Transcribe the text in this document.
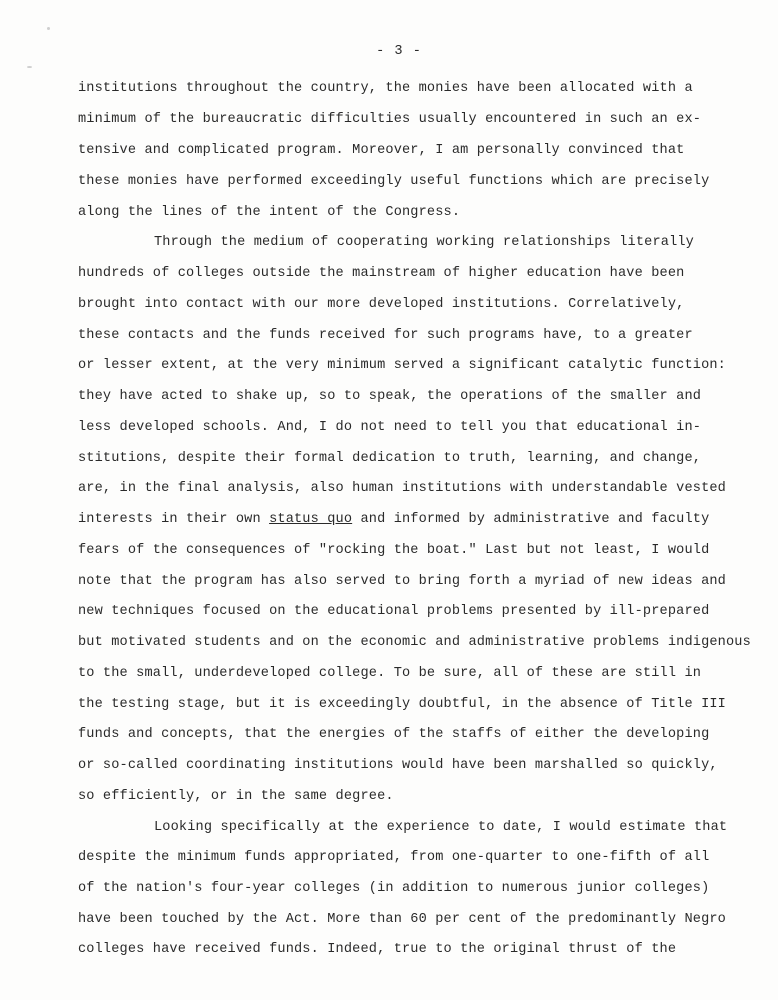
- 3 -
institutions throughout the country, the monies have been allocated with a
minimum of the bureaucratic difficulties usually encountered in such an ex-
tensive and complicated program. Moreover, I am personally convinced that
these monies have performed exceedingly useful functions which are precisely
along the lines of the intent of the Congress.
Through the medium of cooperating working relationships literally
hundreds of colleges outside the mainstream of higher education have been
brought into contact with our more developed institutions. Correlatively,
these contacts and the funds received for such programs have, to a greater
or lesser extent, at the very minimum served a significant catalytic function:
they have acted to shake up, so to speak, the operations of the smaller and
less developed schools. And, I do not need to tell you that educational in-
stitutions, despite their formal dedication to truth, learning, and change,
are, in the final analysis, also human institutions with understandable vested
interests in their own status quo and informed by administrative and faculty
fears of the consequences of "rocking the boat." Last but not least, I would
note that the program has also served to bring forth a myriad of new ideas and
new techniques focused on the educational problems presented by ill-prepared
but motivated students and on the economic and administrative problems indigenous
to the small, underdeveloped college. To be sure, all of these are still in
the testing stage, but it is exceedingly doubtful, in the absence of Title III
funds and concepts, that the energies of the staffs of either the developing
or so-called coordinating institutions would have been marshalled so quickly,
so efficiently, or in the same degree.
Looking specifically at the experience to date, I would estimate that
despite the minimum funds appropriated, from one-quarter to one-fifth of all
of the nation's four-year colleges (in addition to numerous junior colleges)
have been touched by the Act. More than 60 per cent of the predominantly Negro
colleges have received funds. Indeed, true to the original thrust of the
